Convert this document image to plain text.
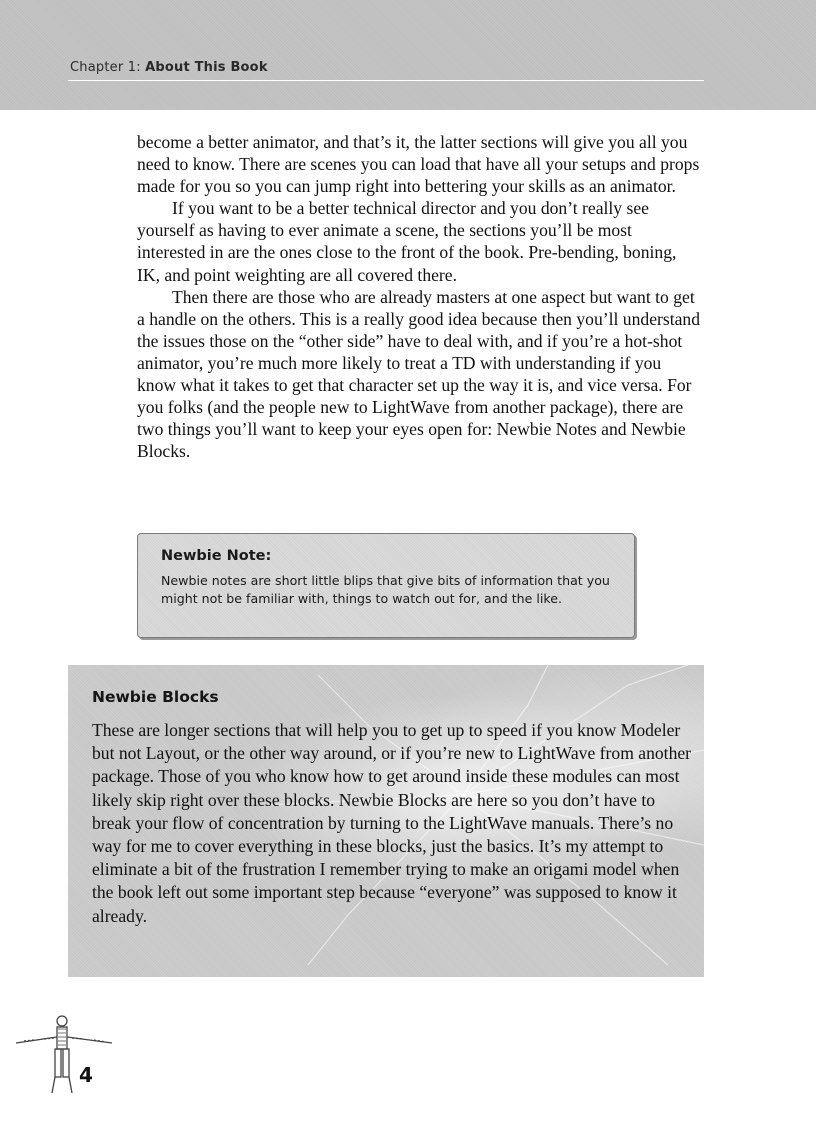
Chapter 1: About This Book

become a better animator, and that’s it, the latter sections will give you all you need to know. There are scenes you can load that have all your setups and props made for you so you can jump right into bettering your skills as an animator.

If you want to be a better technical director and you don’t really see yourself as having to ever animate a scene, the sections you’ll be most interested in are the ones close to the front of the book. Pre-bending, boning, IK, and point weighting are all covered there.

Then there are those who are already masters at one aspect but want to get a handle on the others. This is a really good idea because then you’ll understand the issues those on the “other side” have to deal with, and if you’re a hot-shot animator, you’re much more likely to treat a TD with understanding if you know what it takes to get that character set up the way it is, and vice versa. For you folks (and the people new to LightWave from another package), there are two things you’ll want to keep your eyes open for: Newbie Notes and Newbie Blocks.

Newbie Note:
Newbie notes are short little blips that give bits of information that you might not be familiar with, things to watch out for, and the like.
Newbie Blocks
These are longer sections that will help you to get up to speed if you know Modeler but not Layout, or the other way around, or if you’re new to LightWave from another package. Those of you who know how to get around inside these modules can most likely skip right over these blocks. Newbie Blocks are here so you don’t have to break your flow of concentration by turning to the LightWave manuals. There’s no way for me to cover everything in these blocks, just the basics. It’s my attempt to eliminate a bit of the frustration I remember trying to make an origami model when the book left out some important step because “everyone” was supposed to know it already.
4
